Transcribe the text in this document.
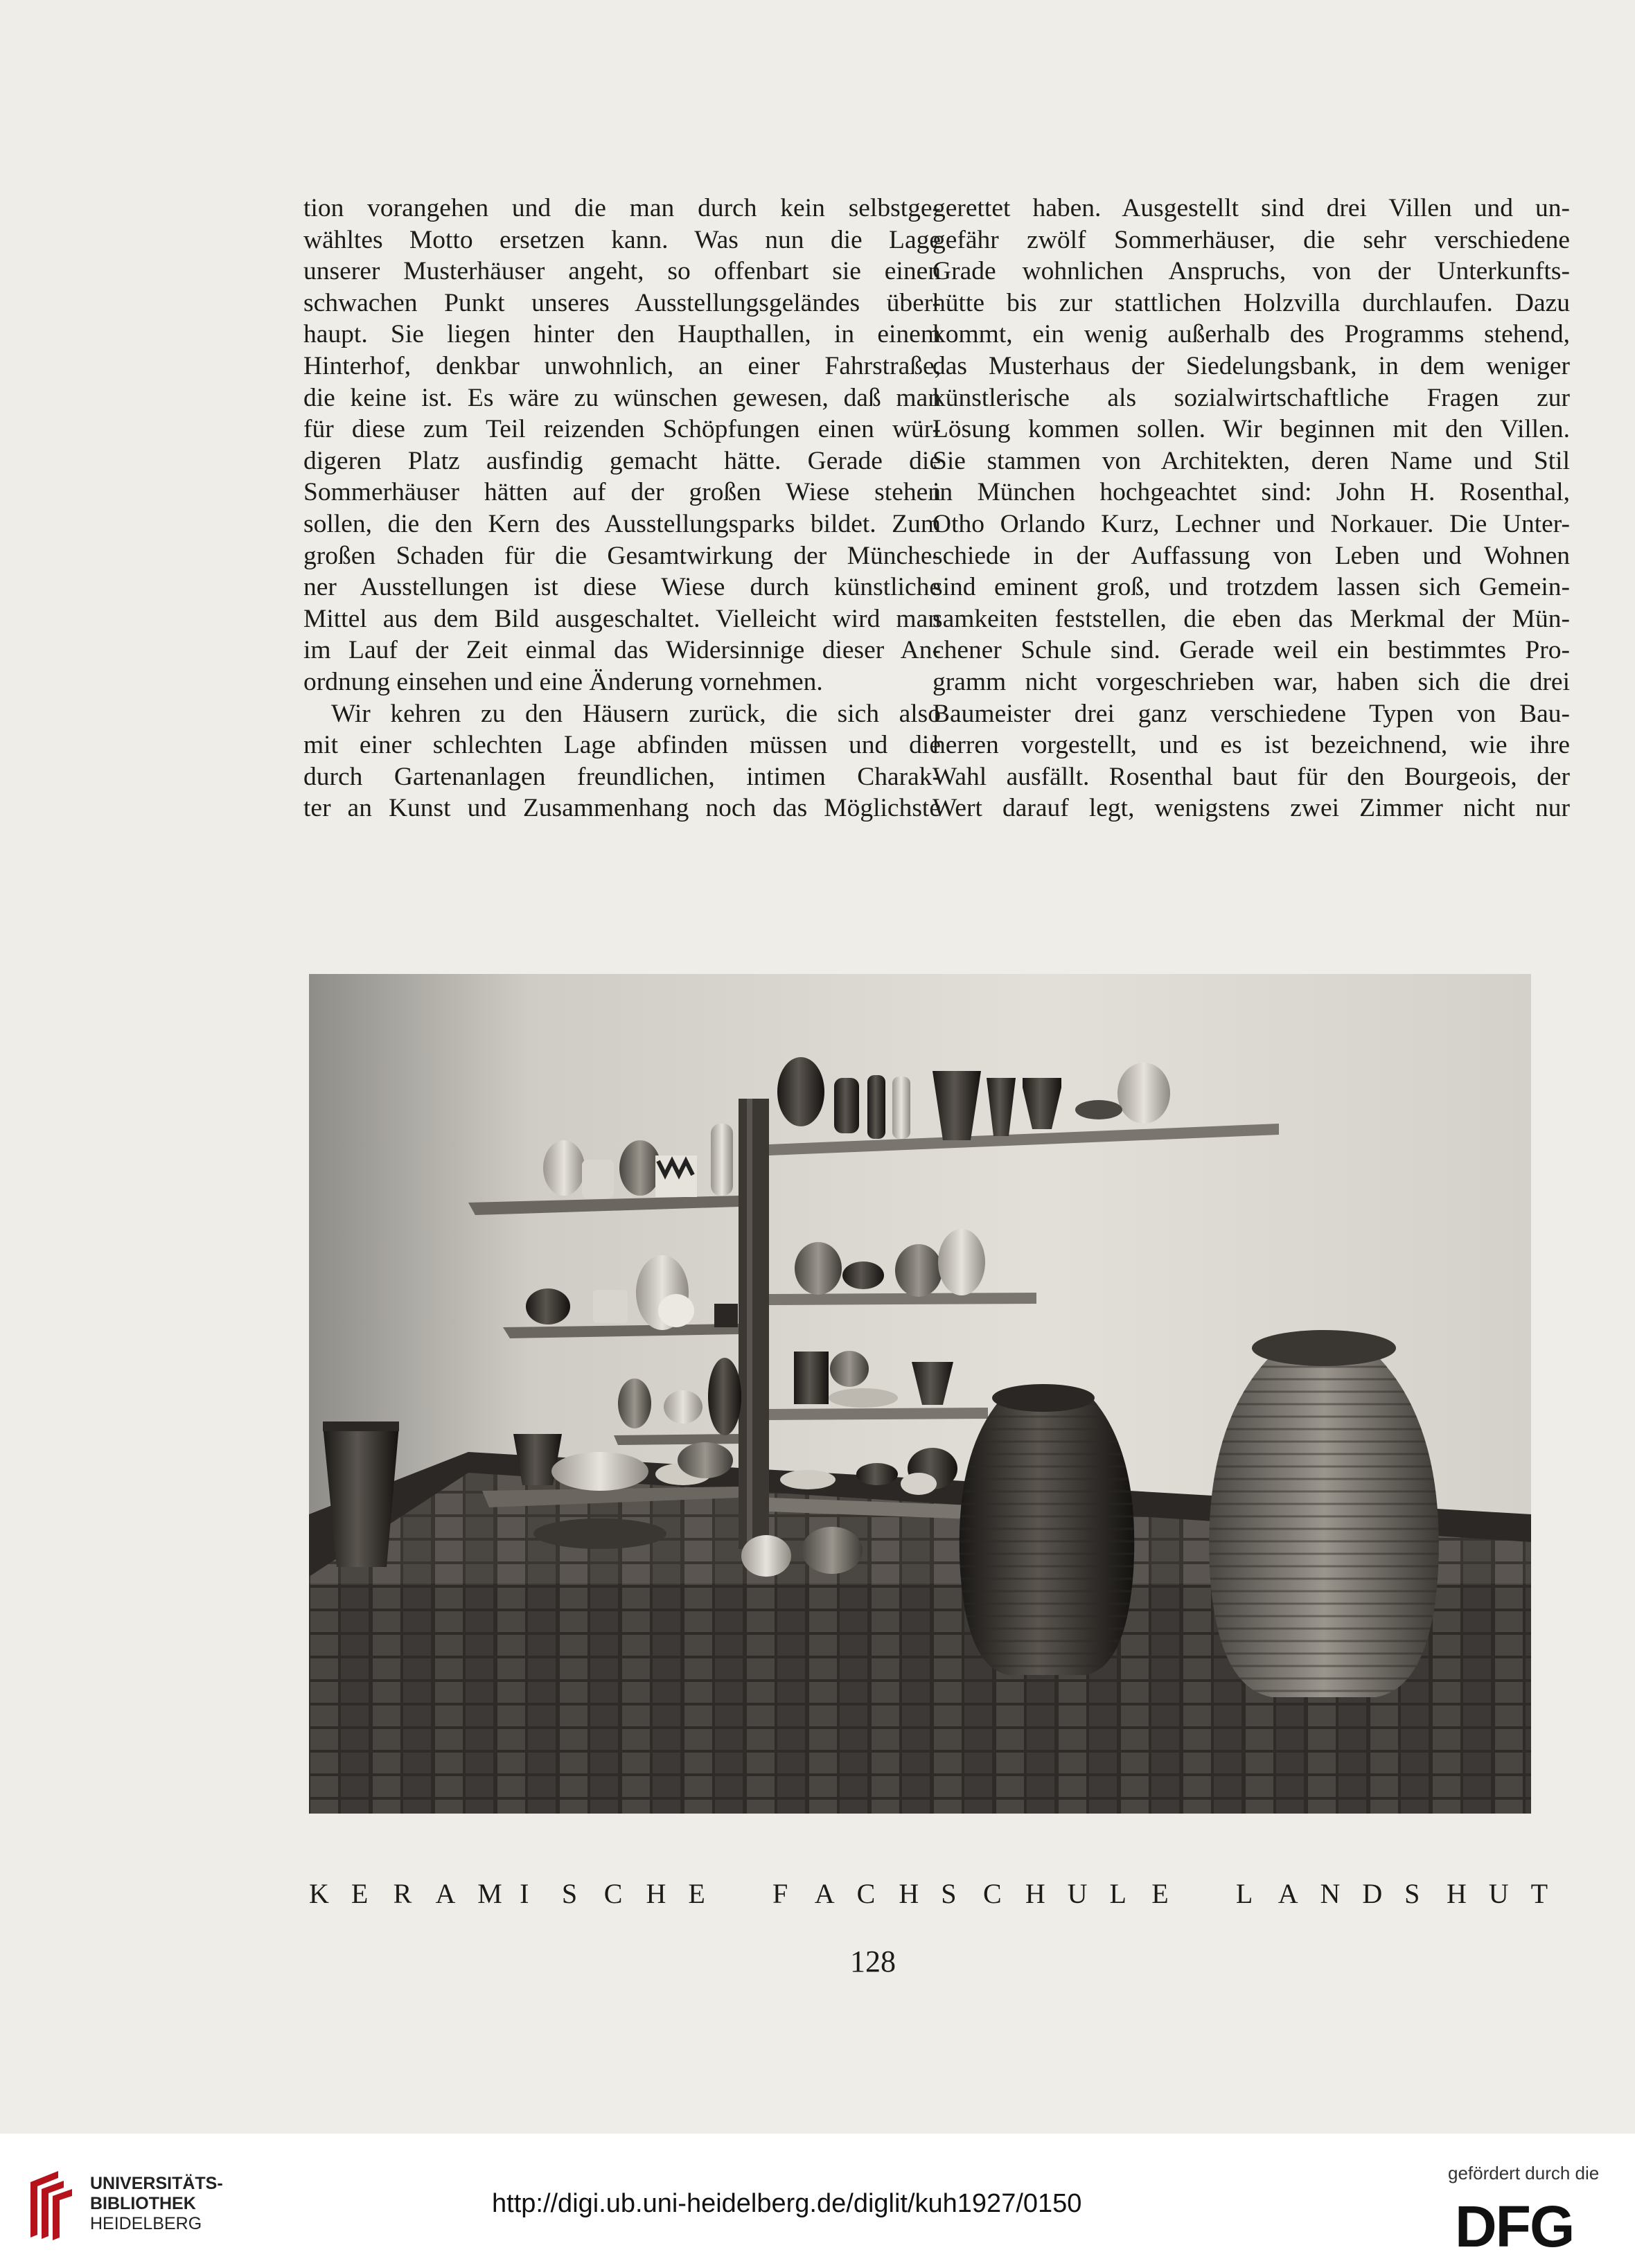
tion vorangehen und die man durch kein selbstge-
wähltes Motto ersetzen kann. Was nun die Lage
unserer Musterhäuser angeht, so offenbart sie einen
schwachen Punkt unseres Ausstellungsgeländes über-
haupt. Sie liegen hinter den Haupthallen, in einem
Hinterhof, denkbar unwohnlich, an einer Fahrstraße,
die keine ist. Es wäre zu wünschen gewesen, daß man
für diese zum Teil reizenden Schöpfungen einen wür-
digeren Platz ausfindig gemacht hätte. Gerade die
Sommerhäuser hätten auf der großen Wiese stehen
sollen, die den Kern des Ausstellungsparks bildet. Zum
großen Schaden für die Gesamtwirkung der Münche-
ner Ausstellungen ist diese Wiese durch künstliche
Mittel aus dem Bild ausgeschaltet. Vielleicht wird man
im Lauf der Zeit einmal das Widersinnige dieser An-
ordnung einsehen und eine Änderung vornehmen.
Wir kehren zu den Häusern zurück, die sich also
mit einer schlechten Lage abfinden müssen und die
durch Gartenanlagen freundlichen, intimen Charak-
ter an Kunst und Zusammenhang noch das Möglichste
gerettet haben. Ausgestellt sind drei Villen und un-
gefähr zwölf Sommerhäuser, die sehr verschiedene
Grade wohnlichen Anspruchs, von der Unterkunfts-
hütte bis zur stattlichen Holzvilla durchlaufen. Dazu
kommt, ein wenig außerhalb des Programms stehend,
das Musterhaus der Siedelungsbank, in dem weniger
künstlerische als sozialwirtschaftliche Fragen zur
Lösung kommen sollen. Wir beginnen mit den Villen.
Sie stammen von Architekten, deren Name und Stil
in München hochgeachtet sind: John H. Rosenthal,
Otho Orlando Kurz, Lechner und Norkauer. Die Unter-
schiede in der Auffassung von Leben und Wohnen
sind eminent groß, und trotzdem lassen sich Gemein-
samkeiten feststellen, die eben das Merkmal der Mün-
chener Schule sind. Gerade weil ein bestimmtes Pro-
gramm nicht vorgeschrieben war, haben sich die drei
Baumeister drei ganz verschiedene Typen von Bau-
herren vorgestellt, und es ist bezeichnend, wie ihre
Wahl ausfällt. Rosenthal baut für den Bourgeois, der
Wert darauf legt, wenigstens zwei Zimmer nicht nur
K E R A M I S C H E
F A C H S C H U L E
L A N D S H U T
128
UNIVERSITÄTS-
BIBLIOTHEK
HEIDELBERG
http://digi.ub.uni-heidelberg.de/diglit/kuh1927/0150
gefördert durch die
DFG
